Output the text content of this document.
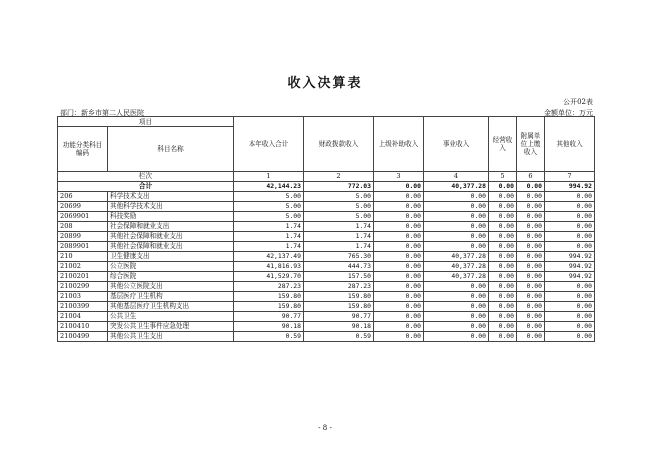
收入决算表
公开02表
部门：新乡市第二人民医院	金额单位：万元
项目		本年收入合计	财政拨款收入	上级补助收入	事业收入	经营收入	附属单位上缴收入	其他收入
功能分类科目编码	科目名称							
栏次		1	2	3	4	5	6	7
合计		42,144.23	772.03	0.00	40,377.28	0.00	0.00	994.92
206	科学技术支出	5.00	5.00	0.00	0.00	0.00	0.00	0.00
20699	其他科学技术支出	5.00	5.00	0.00	0.00	0.00	0.00	0.00
2069901	科技奖励	5.00	5.00	0.00	0.00	0.00	0.00	0.00
208	社会保障和就业支出	1.74	1.74	0.00	0.00	0.00	0.00	0.00
20899	其他社会保障和就业支出	1.74	1.74	0.00	0.00	0.00	0.00	0.00
2089901	其他社会保障和就业支出	1.74	1.74	0.00	0.00	0.00	0.00	0.00
210	卫生健康支出	42,137.49	765.30	0.00	40,377.28	0.00	0.00	994.92
21002	公立医院	41,816.93	444.73	0.00	40,377.28	0.00	0.00	994.92
2100201	综合医院	41,529.70	157.50	0.00	40,377.28	0.00	0.00	994.92
2100299	其他公立医院支出	287.23	287.23	0.00	0.00	0.00	0.00	0.00
21003	基层医疗卫生机构	159.80	159.80	0.00	0.00	0.00	0.00	0.00
2100399	其他基层医疗卫生机构支出	159.80	159.80	0.00	0.00	0.00	0.00	0.00
21004	公共卫生	90.77	90.77	0.00	0.00	0.00	0.00	0.00
2100410	突发公共卫生事件应急处理	90.18	90.18	0.00	0.00	0.00	0.00	0.00
2100499	其他公共卫生支出	0.59	0.59	0.00	0.00	0.00	0.00	0.00
- 8 -
